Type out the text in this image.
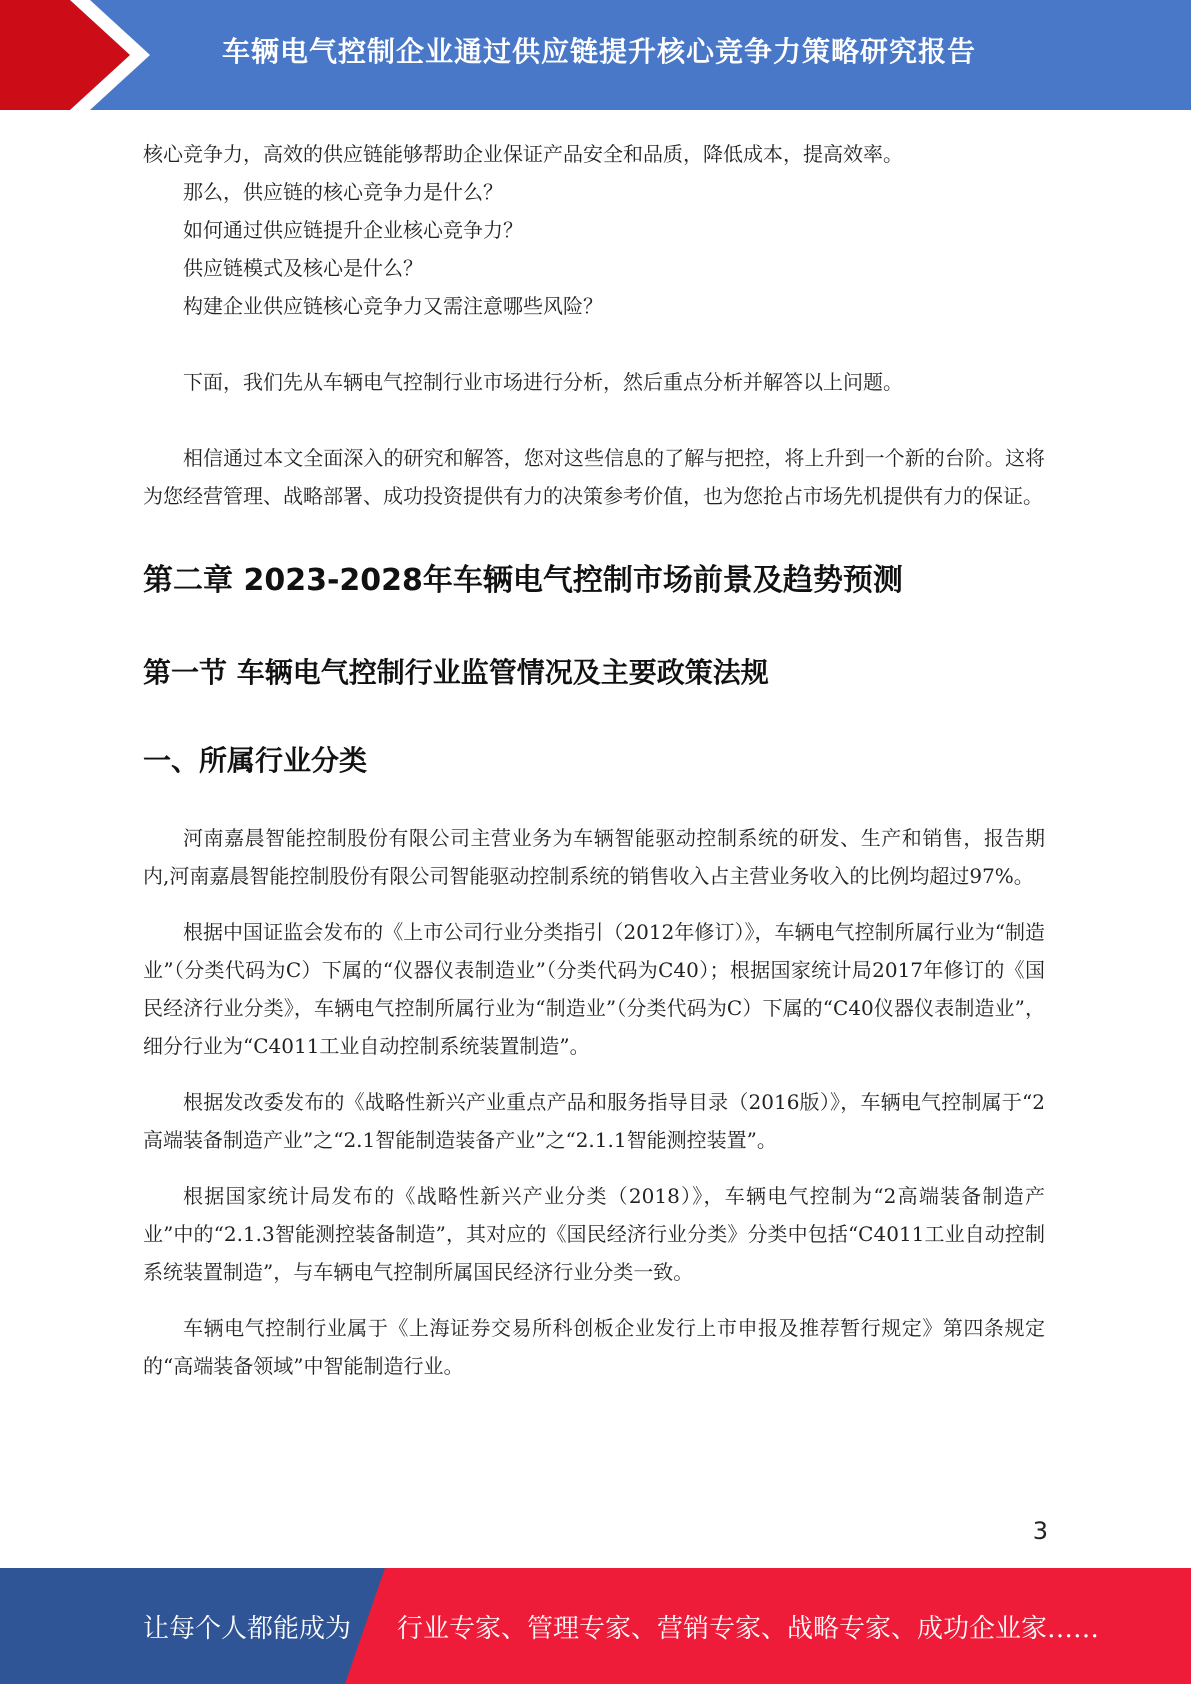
车辆电气控制企业通过供应链提升核心竞争力策略研究报告

核心竞争力，高效的供应链能够帮助企业保证产品安全和品质，降低成本，提高效率。

那么，供应链的核心竞争力是什么？

如何通过供应链提升企业核心竞争力？

供应链模式及核心是什么？

构建企业供应链核心竞争力又需注意哪些风险？

下面，我们先从车辆电气控制行业市场进行分析，然后重点分析并解答以上问题。

相信通过本文全面深入的研究和解答，您对这些信息的了解与把控，将上升到一个新的台阶。这将为您经营管理、战略部署、成功投资提供有力的决策参考价值，也为您抢占市场先机提供有力的保证。

第二章 2023-2028年车辆电气控制市场前景及趋势预测
第一节 车辆电气控制行业监管情况及主要政策法规
一、所属行业分类

河南嘉晨智能控制股份有限公司主营业务为车辆智能驱动控制系统的研发、生产和销售，报告期内,河南嘉晨智能控制股份有限公司智能驱动控制系统的销售收入占主营业务收入的比例均超过97%。

根据中国证监会发布的《上市公司行业分类指引（2012年修订）》，车辆电气控制所属行业为“制造业”（分类代码为C）下属的“仪器仪表制造业”（分类代码为C40）；根据国家统计局2017年修订的《国民经济行业分类》，车辆电气控制所属行业为“制造业”（分类代码为C）下属的“C40仪器仪表制造业”，细分行业为“C4011工业自动控制系统装置制造”。

根据发改委发布的《战略性新兴产业重点产品和服务指导目录（2016版）》，车辆电气控制属于“2高端装备制造产业”之“2.1智能制造装备产业”之“2.1.1智能测控装置”。

根据国家统计局发布的《战略性新兴产业分类（2018）》，车辆电气控制为“2高端装备制造产业”中的“2.1.3智能测控装备制造”，其对应的《国民经济行业分类》分类中包括“C4011工业自动控制系统装置制造”，与车辆电气控制所属国民经济行业分类一致。

车辆电气控制行业属于《上海证券交易所科创板企业发行上市申报及推荐暂行规定》第四条规定的“高端装备领域”中智能制造行业。

3
让每个人都能成为 行业专家、管理专家、营销专家、战略专家、成功企业家……
